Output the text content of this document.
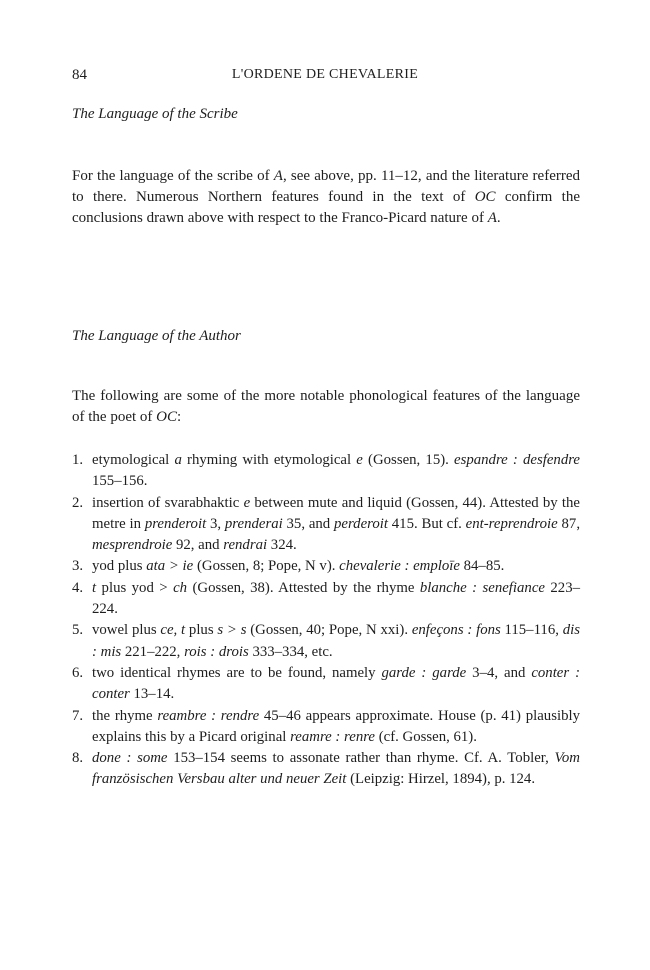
84	L'ORDENE DE CHEVALERIE
The Language of the Scribe

For the language of the scribe of A, see above, pp. 11–12, and the literature referred to there. Numerous Northern features found in the text of OC confirm the conclusions drawn above with respect to the Franco-Picard nature of A.

The Language of the Author

The following are some of the more notable phonological features of the language of the poet of OC:

1. etymological a rhyming with etymological e (Gossen, 15). espandre : desfendre 155–156.
2. insertion of svarabhaktic e between mute and liquid (Gossen, 44). Attested by the metre in prenderoit 3, prenderai 35, and perderoit 415. But cf. ent-reprendroie 87, mesprendroie 92, and rendrai 324.
3. yod plus ata > ie (Gossen, 8; Pope, N v). chevalerie : emploīe 84–85.
4. t plus yod > ch (Gossen, 38). Attested by the rhyme blanche : senefiance 223–224.
5. vowel plus ce, t plus s > s (Gossen, 40; Pope, N xxi). enfeçons : fons 115–116, dis : mis 221–222, rois : drois 333–334, etc.
6. two identical rhymes are to be found, namely garde : garde 3–4, and conter : conter 13–14.
7. the rhyme reambre : rendre 45–46 appears approximate. House (p. 41) plausibly explains this by a Picard original reamre : renre (cf. Gossen, 61).
8. done : some 153–154 seems to assonate rather than rhyme. Cf. A. Tobler, Vom französischen Versbau alter und neuer Zeit (Leipzig: Hirzel, 1894), p. 124.
